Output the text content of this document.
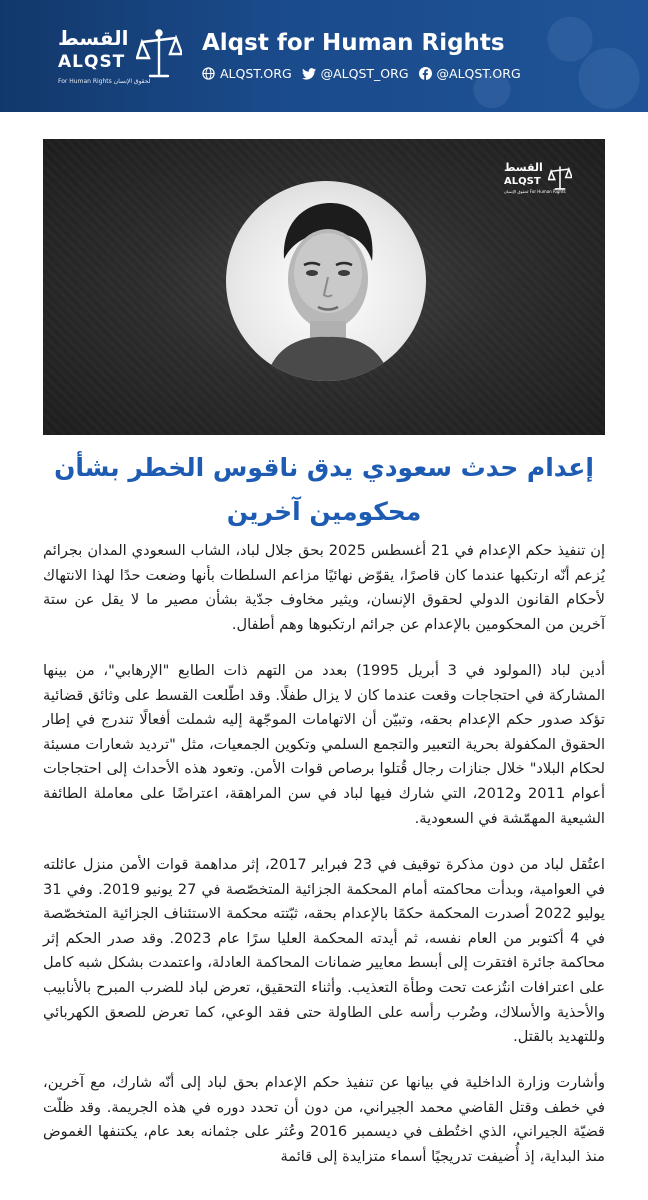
القسط
ALQST
For Human Rights لحقوق الإنسان
Alqst for Human Rights
ALQST.ORG @ALQST_ORG @ALQST.ORG
القسط
ALQST
لحقوق الإنسان For Human Rights
إعدام حدث سعودي يدق ناقوس الخطر بشأن
محكومين آخرين

إن تنفيذ حكم الإعدام في 21 أغسطس 2025 بحق جلال لباد، الشاب السعودي المدان بجرائم يُزعم أنّه ارتكبها عندما كان قاصرًا، يقوّض نهائيًا مزاعم السلطات بأنها وضعت حدًا لهذا الانتهاك لأحكام القانون الدولي لحقوق الإنسان، ويثير مخاوف جدّية بشأن مصير ما لا يقل عن ستة آخرين من المحكومين بالإعدام عن جرائم ارتكبوها وهم أطفال.

أدين لباد (المولود في 3 أبريل 1995) بعدد من التهم ذات الطابع "الإرهابي"، من بينها المشاركة في احتجاجات وقعت عندما كان لا يزال طفلًا. وقد اطّلعت القسط على وثائق قضائية تؤكد صدور حكم الإعدام بحقه، وتبيّن أن الاتهامات الموجّهة إليه شملت أفعالًا تندرج في إطار الحقوق المكفولة بحرية التعبير والتجمع السلمي وتكوين الجمعيات، مثل "ترديد شعارات مسيئة لحكام البلاد" خلال جنازات رجال قُتلوا برصاص قوات الأمن. وتعود هذه الأحداث إلى احتجاجات أعوام 2011 و2012، التي شارك فيها لباد في سن المراهقة، اعتراضًا على معاملة الطائفة الشيعية المهمّشة في السعودية.

اعتُقل لباد من دون مذكرة توقيف في 23 فبراير 2017، إثر مداهمة قوات الأمن منزل عائلته في العوامية، وبدأت محاكمته أمام المحكمة الجزائية المتخصّصة في 27 يونيو 2019. وفي 31 يوليو 2022 أصدرت المحكمة حكمًا بالإعدام بحقه، ثبّتته محكمة الاستئناف الجزائية المتخصّصة في 4 أكتوبر من العام نفسه، ثم أيدته المحكمة العليا سرًا عام 2023. وقد صدر الحكم إثر محاكمة جائرة افتقرت إلى أبسط معايير ضمانات المحاكمة العادلة، واعتمدت بشكل شبه كامل على اعترافات انتُزعت تحت وطأة التعذيب. وأثناء التحقيق، تعرض لباد للضرب المبرح بالأنابيب والأحذية والأسلاك، وضُرب رأسه على الطاولة حتى فقد الوعي، كما تعرض للصعق الكهربائي وللتهديد بالقتل.

وأشارت وزارة الداخلية في بيانها عن تنفيذ حكم الإعدام بحق لباد إلى أنّه شارك، مع آخرين، في خطف وقتل القاضي محمد الجيراني، من دون أن تحدد دوره في هذه الجريمة. وقد ظلّت قضيّة الجيراني، الذي اختُطف في ديسمبر 2016 وعُثر على جثمانه بعد عام، يكتنفها الغموض منذ البداية، إذ أُضيفت تدريجيًا أسماء متزايدة إلى قائمة
